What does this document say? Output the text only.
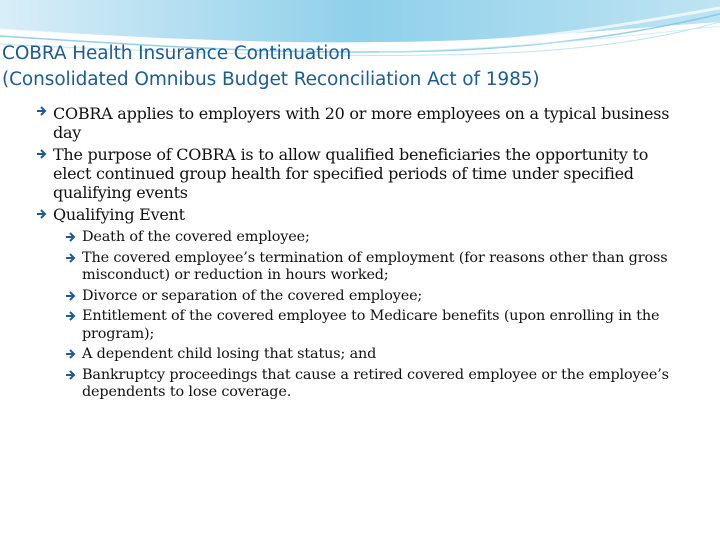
COBRA Health Insurance Continuation
(Consolidated Omnibus Budget Reconciliation Act of 1985)
COBRA applies to employers with 20 or more employees on a typical business day
The purpose of COBRA is to allow qualified beneficiaries the opportunity to elect continued group health for specified periods of time under specified qualifying events
Qualifying Event
Death of the covered employee;
The covered employee’s termination of employment (for reasons other than gross misconduct) or reduction in hours worked;
Divorce or separation of the covered employee;
Entitlement of the covered employee to Medicare benefits (upon enrolling in the program);
A dependent child losing that status; and
Bankruptcy proceedings that cause a retired covered employee or the employee’s dependents to lose coverage.
